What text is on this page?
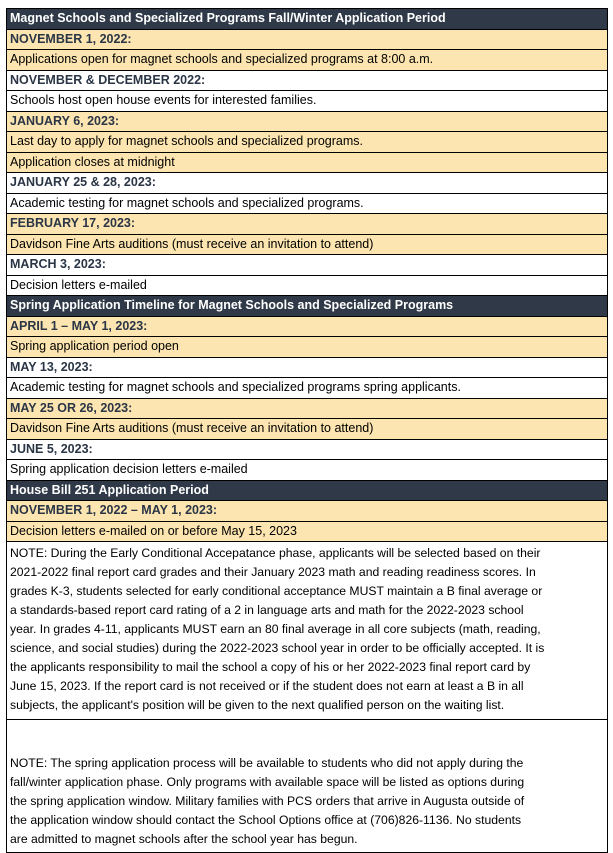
Magnet Schools and Specialized Programs Fall/Winter Application Period
NOVEMBER 1, 2022:
Applications open for magnet schools and specialized programs at 8:00 a.m.
NOVEMBER & DECEMBER 2022:
Schools host open house events for interested families.
JANUARY 6, 2023:
Last day to apply for magnet schools and specialized programs.
Application closes at midnight
JANUARY 25 & 28, 2023:
Academic testing for magnet schools and specialized programs.
FEBRUARY 17, 2023:
Davidson Fine Arts auditions (must receive an invitation to attend)
MARCH 3, 2023:
Decision letters e-mailed
Spring Application Timeline for Magnet Schools and Specialized Programs
APRIL 1 – MAY 1, 2023:
Spring application period open
MAY 13, 2023:
Academic testing for magnet schools and specialized programs spring applicants.
MAY 25 OR 26, 2023:
Davidson Fine Arts auditions (must receive an invitation to attend)
JUNE 5, 2023:
Spring application decision letters e-mailed
House Bill 251 Application Period
NOVEMBER 1, 2022 – MAY 1, 2023:
Decision letters e-mailed on or before May 15, 2023

NOTE: During the Early Conditional Accepatance phase, applicants will be selected based on their

2021-2022 final report card grades and their January 2023 math and reading readiness scores. In

grades K-3, students selected for early conditional acceptance MUST maintain a B final average or

a standards-based report card rating of a 2 in language arts and math for the 2022-2023 school

year. In grades 4-11, applicants MUST earn an 80 final average in all core subjects (math, reading,

science, and social studies) during the 2022-2023 school year in order to be officially accepted. It is

the applicants responsibility to mail the school a copy of his or her 2022-2023 final report card by

June 15, 2023. If the report card is not received or if the student does not earn at least a B in all

subjects, the applicant's position will be given to the next qualified person on the waiting list.

NOTE: The spring application process will be available to students who did not apply during the

fall/winter application phase. Only programs with available space will be listed as options during

the spring application window. Military families with PCS orders that arrive in Augusta outside of

the application window should contact the School Options office at (706)826-1136. No students

are admitted to magnet schools after the school year has begun.
